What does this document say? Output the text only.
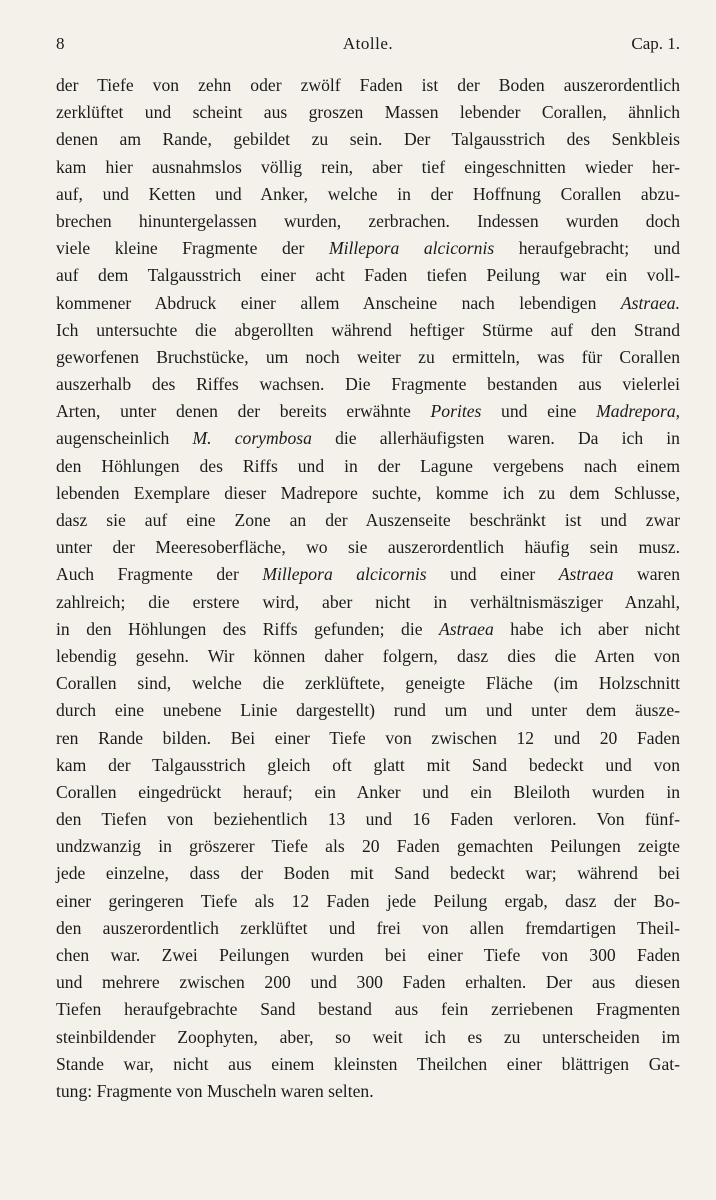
8	Atolle.	Cap. 1.
der Tiefe von zehn oder zwölf Faden ist der Boden auszerordentlich
zerklüftet und scheint aus groszen Massen lebender Corallen, ähnlich
denen am Rande, gebildet zu sein. Der Talgausstrich des Senkbleis
kam hier ausnahmslos völlig rein, aber tief eingeschnitten wieder her-
auf, und Ketten und Anker, welche in der Hoffnung Corallen abzu-
brechen hinuntergelassen wurden, zerbrachen. Indessen wurden doch
viele kleine Fragmente der Millepora alcicornis heraufgebracht; und
auf dem Talgausstrich einer acht Faden tiefen Peilung war ein voll-
kommener Abdruck einer allem Anscheine nach lebendigen Astraea.
Ich untersuchte die abgerollten während heftiger Stürme auf den Strand
geworfenen Bruchstücke, um noch weiter zu ermitteln, was für Corallen
auszerhalb des Riffes wachsen. Die Fragmente bestanden aus vielerlei
Arten, unter denen der bereits erwähnte Porites und eine Madrepora,
augenscheinlich M. corymbosa die allerhäufigsten waren. Da ich in
den Höhlungen des Riffs und in der Lagune vergebens nach einem
lebenden Exemplare dieser Madrepore suchte, komme ich zu dem Schlusse,
dasz sie auf eine Zone an der Auszenseite beschränkt ist und zwar
unter der Meeresoberfläche, wo sie auszerordentlich häufig sein musz.
Auch Fragmente der Millepora alcicornis und einer Astraea waren
zahlreich; die erstere wird, aber nicht in verhältnismäsziger Anzahl,
in den Höhlungen des Riffs gefunden; die Astraea habe ich aber nicht
lebendig gesehn. Wir können daher folgern, dasz dies die Arten von
Corallen sind, welche die zerklüftete, geneigte Fläche (im Holzschnitt
durch eine unebene Linie dargestellt) rund um und unter dem äusze-
ren Rande bilden. Bei einer Tiefe von zwischen 12 und 20 Faden
kam der Talgausstrich gleich oft glatt mit Sand bedeckt und von
Corallen eingedrückt herauf; ein Anker und ein Bleiloth wurden in
den Tiefen von beziehentlich 13 und 16 Faden verloren. Von fünf-
undzwanzig in gröszerer Tiefe als 20 Faden gemachten Peilungen zeigte
jede einzelne, dass der Boden mit Sand bedeckt war; während bei
einer geringeren Tiefe als 12 Faden jede Peilung ergab, dasz der Bo-
den auszerordentlich zerklüftet und frei von allen fremdartigen Theil-
chen war. Zwei Peilungen wurden bei einer Tiefe von 300 Faden
und mehrere zwischen 200 und 300 Faden erhalten. Der aus diesen
Tiefen heraufgebrachte Sand bestand aus fein zerriebenen Fragmenten
steinbildender Zoophyten, aber, so weit ich es zu unterscheiden im
Stande war, nicht aus einem kleinsten Theilchen einer blättrigen Gat-
tung: Fragmente von Muscheln waren selten.
